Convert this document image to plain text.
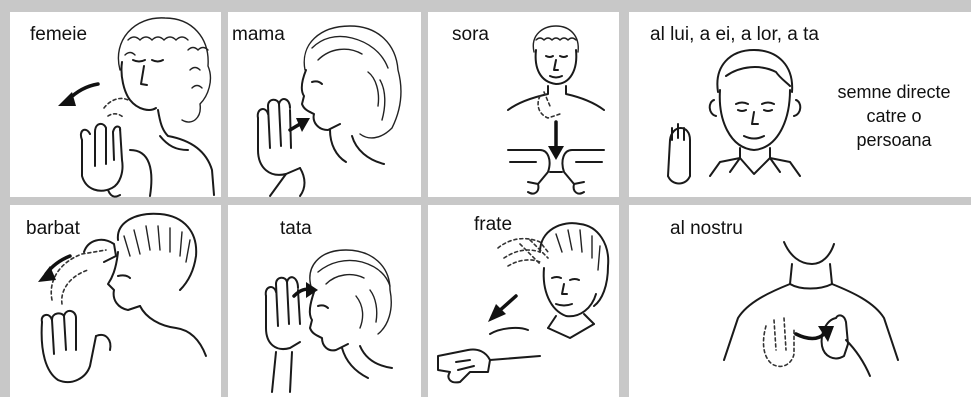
femeie	mama	sora	al lui, a ei, a lor, a ta
semne directe
catre o
persoana
barbat	tata	frate	al nostru
